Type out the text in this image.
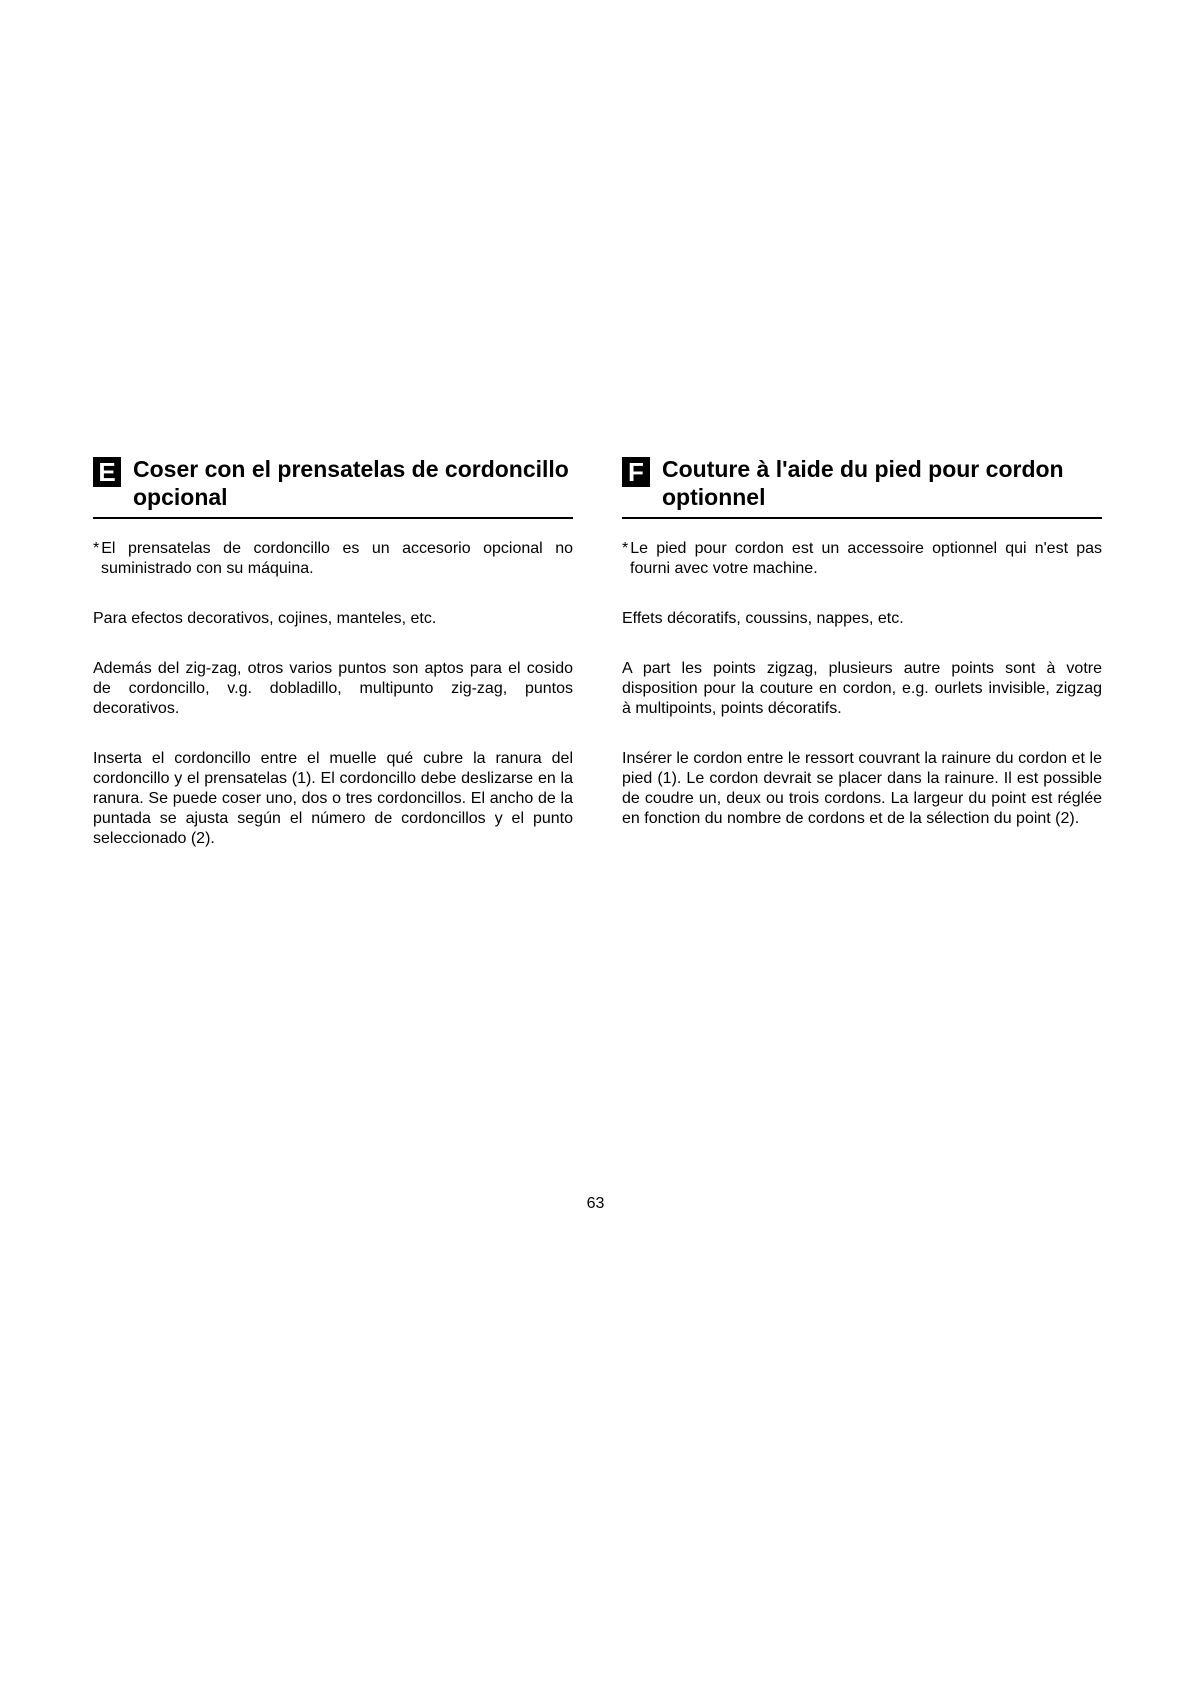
E Coser con el prensatelas de cordoncillo opcional

* El prensatelas de cordoncillo es un accesorio opcional no suministrado con su máquina.

Para efectos decorativos, cojines, manteles, etc.

Además del zig-zag, otros varios puntos son aptos para el cosido de cordoncillo, v.g. dobladillo, multipunto zig-zag, puntos decorativos.

Inserta el cordoncillo entre el muelle qué cubre la ranura del cordoncillo y el prensatelas (1). El cordoncillo debe deslizarse en la ranura. Se puede coser uno, dos o tres cordoncillos. El ancho de la puntada se ajusta según el número de cordoncillos y el punto seleccionado (2).

F Couture à l'aide du pied pour cordon optionnel

* Le pied pour cordon est un accessoire optionnel qui n'est pas fourni avec votre machine.

Effets décoratifs, coussins, nappes, etc.

A part les points zigzag, plusieurs autre points sont à votre disposition pour la couture en cordon, e.g. ourlets invisible, zigzag à multipoints, points décoratifs.

Insérer le cordon entre le ressort couvrant la rainure du cordon et le pied (1). Le cordon devrait se placer dans la rainure. Il est possible de coudre un, deux ou trois cordons. La largeur du point est réglée en fonction du nombre de cordons et de la sélection du point (2).

63
